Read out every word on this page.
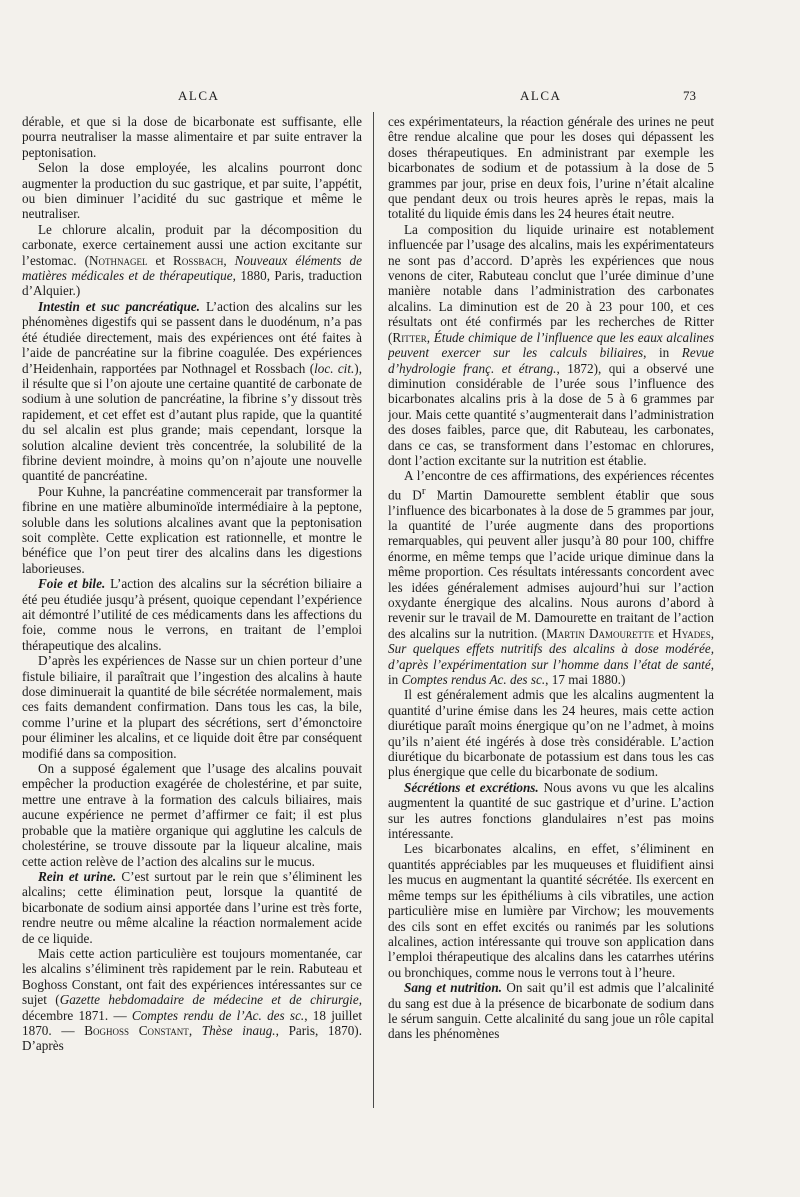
ALCA	ALCA	73

dérable, et que si la dose de bicarbonate est suffisante, elle pourra neutraliser la masse alimentaire et par suite entraver la peptonisation.

Selon la dose employée, les alcalins pourront donc augmenter la production du suc gastrique, et par suite, l’appétit, ou bien diminuer l’acidité du suc gastrique et même le neutraliser.

Le chlorure alcalin, produit par la décomposition du carbonate, exerce certainement aussi une action excitante sur l’estomac. (Nothnagel et Rossbach, Nouveaux éléments de matières médicales et de thérapeutique, 1880, Paris, traduction d’Alquier.)

Intestin et suc pancréatique. L’action des alcalins sur les phénomènes digestifs qui se passent dans le duodénum, n’a pas été étudiée directement, mais des expériences ont été faites à l’aide de pancréatine sur la fibrine coagulée. Des expériences d’Heidenhain, rapportées par Nothnagel et Rossbach (loc. cit.), il résulte que si l’on ajoute une certaine quantité de carbonate de sodium à une solution de pancréatine, la fibrine s’y dissout très rapidement, et cet effet est d’autant plus rapide, que la quantité du sel alcalin est plus grande; mais cependant, lorsque la solution alcaline devient très concentrée, la solubilité de la fibrine devient moindre, à moins qu’on n’ajoute une nouvelle quantité de pancréatine.

Pour Kuhne, la pancréatine commencerait par transformer la fibrine en une matière albuminoïde intermédiaire à la peptone, soluble dans les solutions alcalines avant que la peptonisation soit complète. Cette explication est rationnelle, et montre le bénéfice que l’on peut tirer des alcalins dans les digestions laborieuses.

Foie et bile. L’action des alcalins sur la sécrétion biliaire a été peu étudiée jusqu’à présent, quoique cependant l’expérience ait démontré l’utilité de ces médicaments dans les affections du foie, comme nous le verrons, en traitant de l’emploi thérapeutique des alcalins.

D’après les expériences de Nasse sur un chien porteur d’une fistule biliaire, il paraîtrait que l’ingestion des alcalins à haute dose diminuerait la quantité de bile sécrétée normalement, mais ces faits demandent confirmation. Dans tous les cas, la bile, comme l’urine et la plupart des sécrétions, sert d’émonctoire pour éliminer les alcalins, et ce liquide doit être par conséquent modifié dans sa composition.

On a supposé également que l’usage des alcalins pouvait empêcher la production exagérée de cholestérine, et par suite, mettre une entrave à la formation des calculs biliaires, mais aucune expérience ne permet d’affirmer ce fait; il est plus probable que la matière organique qui agglutine les calculs de cholestérine, se trouve dissoute par la liqueur alcaline, mais cette action relève de l’action des alcalins sur le mucus.

Rein et urine. C’est surtout par le rein que s’éliminent les alcalins; cette élimination peut, lorsque la quantité de bicarbonate de sodium ainsi apportée dans l’urine est très forte, rendre neutre ou même alcaline la réaction normalement acide de ce liquide.

Mais cette action particulière est toujours momentanée, car les alcalins s’éliminent très rapidement par le rein. Rabuteau et Boghoss Constant, ont fait des expériences intéressantes sur ce sujet (Gazette hebdomadaire de médecine et de chirurgie, décembre 1871. — Comptes rendu de l’Ac. des sc., 18 juillet 1870. — Boghoss Constant, Thèse inaug., Paris, 1870). D’après

ces expérimentateurs, la réaction générale des urines ne peut être rendue alcaline que pour les doses qui dépassent les doses thérapeutiques. En administrant par exemple les bicarbonates de sodium et de potassium à la dose de 5 grammes par jour, prise en deux fois, l’urine n’était alcaline que pendant deux ou trois heures après le repas, mais la totalité du liquide émis dans les 24 heures était neutre.

La composition du liquide urinaire est notablement influencée par l’usage des alcalins, mais les expérimentateurs ne sont pas d’accord. D’après les expériences que nous venons de citer, Rabuteau conclut que l’urée diminue d’une manière notable dans l’administration des carbonates alcalins. La diminution est de 20 à 23 pour 100, et ces résultats ont été confirmés par les recherches de Ritter (Ritter, Étude chimique de l’influence que les eaux alcalines peuvent exercer sur les calculs biliaires, in Revue d’hydrologie franç. et étrang., 1872), qui a observé une diminution considérable de l’urée sous l’influence des bicarbonates alcalins pris à la dose de 5 à 6 grammes par jour. Mais cette quantité s’augmenterait dans l’administration des doses faibles, parce que, dit Rabuteau, les carbonates, dans ce cas, se transforment dans l’estomac en chlorures, dont l’action excitante sur la nutrition est établie.

A l’encontre de ces affirmations, des expériences récentes du $D^r$ Martin Damourette semblent établir que sous l’influence des bicarbonates à la dose de 5 grammes par jour, la quantité de l’urée augmente dans des proportions remarquables, qui peuvent aller jusqu’à 80 pour 100, chiffre énorme, en même temps que l’acide urique diminue dans la même proportion. Ces résultats intéressants concordent avec les idées généralement admises aujourd’hui sur l’action oxydante énergique des alcalins. Nous aurons d’abord à revenir sur le travail de M. Damourette en traitant de l’action des alcalins sur la nutrition. (Martin Damourette et Hyades, Sur quelques effets nutritifs des alcalins à dose modérée, d’après l’expérimentation sur l’homme dans l’état de santé, in Comptes rendus Ac. des sc., 17 mai 1880.)

Il est généralement admis que les alcalins augmentent la quantité d’urine émise dans les 24 heures, mais cette action diurétique paraît moins énergique qu’on ne l’admet, à moins qu’ils n’aient été ingérés à dose très considérable. L’action diurétique du bicarbonate de potassium est dans tous les cas plus énergique que celle du bicarbonate de sodium.

Sécrétions et excrétions. Nous avons vu que les alcalins augmentent la quantité de suc gastrique et d’urine. L’action sur les autres fonctions glandulaires n’est pas moins intéressante.

Les bicarbonates alcalins, en effet, s’éliminent en quantités appréciables par les muqueuses et fluidifient ainsi les mucus en augmentant la quantité sécrétée. Ils exercent en même temps sur les épithéliums à cils vibratiles, une action particulière mise en lumière par Virchow; les mouvements des cils sont en effet excités ou ranimés par les solutions alcalines, action intéressante qui trouve son application dans l’emploi thérapeutique des alcalins dans les catarrhes utérins ou bronchiques, comme nous le verrons tout à l’heure.

Sang et nutrition. On sait qu’il est admis que l’alcalinité du sang est due à la présence de bicarbonate de sodium dans le sérum sanguin. Cette alcalinité du sang joue un rôle capital dans les phénomènes
